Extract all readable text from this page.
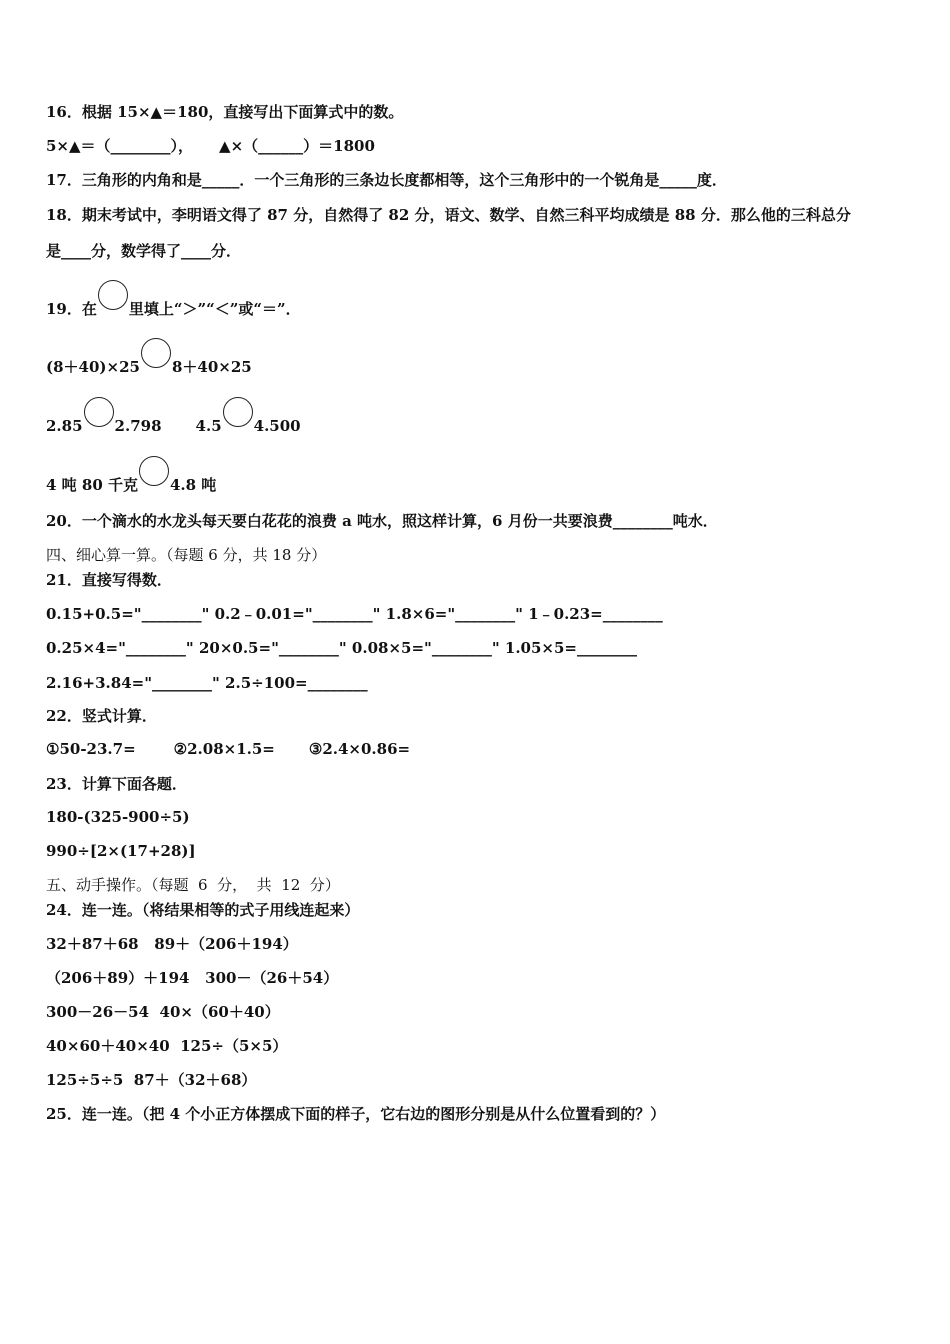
16．根据 15×▲＝180，直接写出下面算式中的数。
5×▲＝（________）， ▲×（______）＝1800
17．三角形的内角和是_____．一个三角形的三条边长度都相等，这个三角形中的一个锐角是_____度．
18．期末考试中，李明语文得了 87 分，自然得了 82 分，语文、数学、自然三科平均成绩是 88 分．那么他的三科总分
是____分，数学得了____分．
19．在 里填上“＞”“＜”或“＝”．
(8＋40)×25 8＋40×25
2.85 2.798 4.5 4.500
4 吨 80 千克 4.8 吨
20．一个滴水的水龙头每天要白花花的浪费 a 吨水，照这样计算，6 月份一共要浪费________吨水．
四、细心算一算。（每题 6 分，共 18 分）
21．直接写得数．
0.15+0.5="________" 0.2﹣0.01="________" 1.8×6="________" 1﹣0.23=________
0.25×4="________" 20×0.5="________" 0.08×5="________" 1.05×5=________
2.16+3.84="________" 2.5÷100=________
22．竖式计算．
①50-23.7=	②2.08×1.5= ③2.4×0.86=
23．计算下面各题．
180-(325-900÷5)
990÷[2×(17+28)]
五、动手操作。（每题  6  分，  共  12  分）
24．连一连。（将结果相等的式子用线连起来）
32＋87＋68   89＋（206＋194）
（206＋89）＋194   300－（26＋54）
300－26－54  40×（60＋40）
40×60＋40×40  125÷（5×5）
125÷5÷5  87＋（32＋68）
25．连一连。（把 4 个小正方体摆成下面的样子，它右边的图形分别是从什么位置看到的？）
